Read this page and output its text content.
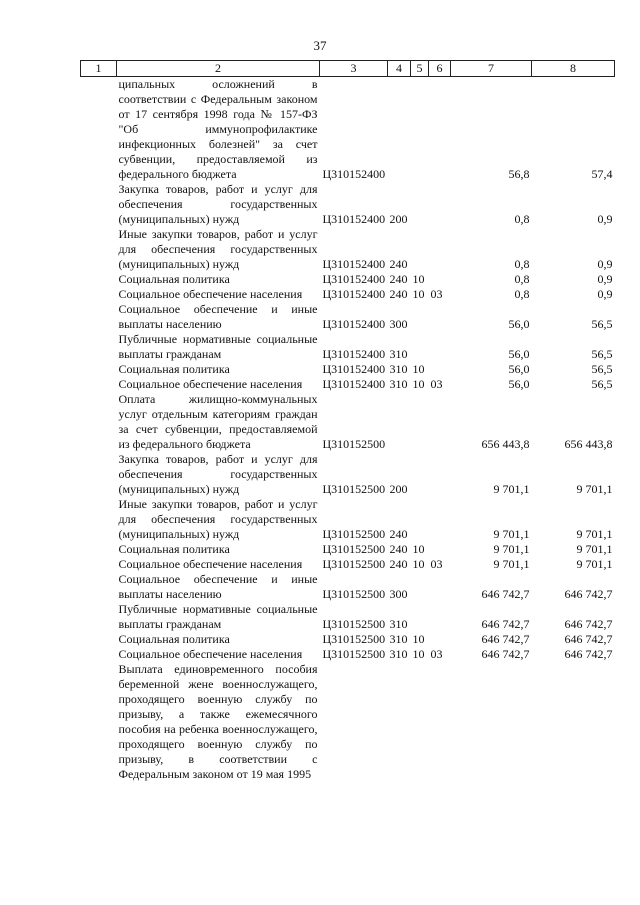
37
1	2	3	4	5	6	7	8
	ципальных осложнений в соответствии с Федеральным законом от 17 сентября 1998 года № 157-ФЗ "Об иммунопрофилактике инфекционных болезней" за счет субвенции, предоставляемой из федерального бюджета	Ц310152400				56,8	57,4
	Закупка товаров, работ и услуг для обеспечения государственных (муниципальных) нужд	Ц310152400	200			0,8	0,9
	Иные закупки товаров, работ и услуг для обеспечения государственных (муниципальных) нужд	Ц310152400	240			0,8	0,9
	Социальная политика	Ц310152400	240	10		0,8	0,9
	Социальное обеспечение населения	Ц310152400	240	10	03	0,8	0,9
	Социальное обеспечение и иные выплаты населению	Ц310152400	300			56,0	56,5
	Публичные нормативные социальные выплаты гражданам	Ц310152400	310			56,0	56,5
	Социальная политика	Ц310152400	310	10		56,0	56,5
	Социальное обеспечение населения	Ц310152400	310	10	03	56,0	56,5
	Оплата жилищно-коммунальных услуг отдельным категориям граждан за счет субвенции, предоставляемой из федерального бюджета	Ц310152500				656 443,8	656 443,8
	Закупка товаров, работ и услуг для обеспечения государственных (муниципальных) нужд	Ц310152500	200			9 701,1	9 701,1
	Иные закупки товаров, работ и услуг для обеспечения государственных (муниципальных) нужд	Ц310152500	240			9 701,1	9 701,1
	Социальная политика	Ц310152500	240	10		9 701,1	9 701,1
	Социальное обеспечение населения	Ц310152500	240	10	03	9 701,1	9 701,1
	Социальное обеспечение и иные выплаты населению	Ц310152500	300			646 742,7	646 742,7
	Публичные нормативные социальные выплаты гражданам	Ц310152500	310			646 742,7	646 742,7
	Социальная политика	Ц310152500	310	10		646 742,7	646 742,7
	Социальное обеспечение населения	Ц310152500	310	10	03	646 742,7	646 742,7
	Выплата единовременного пособия беременной жене военнослужащего, проходящего военную службу по призыву, а также ежемесячного пособия на ребенка военнослужащего, проходящего военную службу по призыву, в соответствии с Федеральным законом от 19 мая 1995						
